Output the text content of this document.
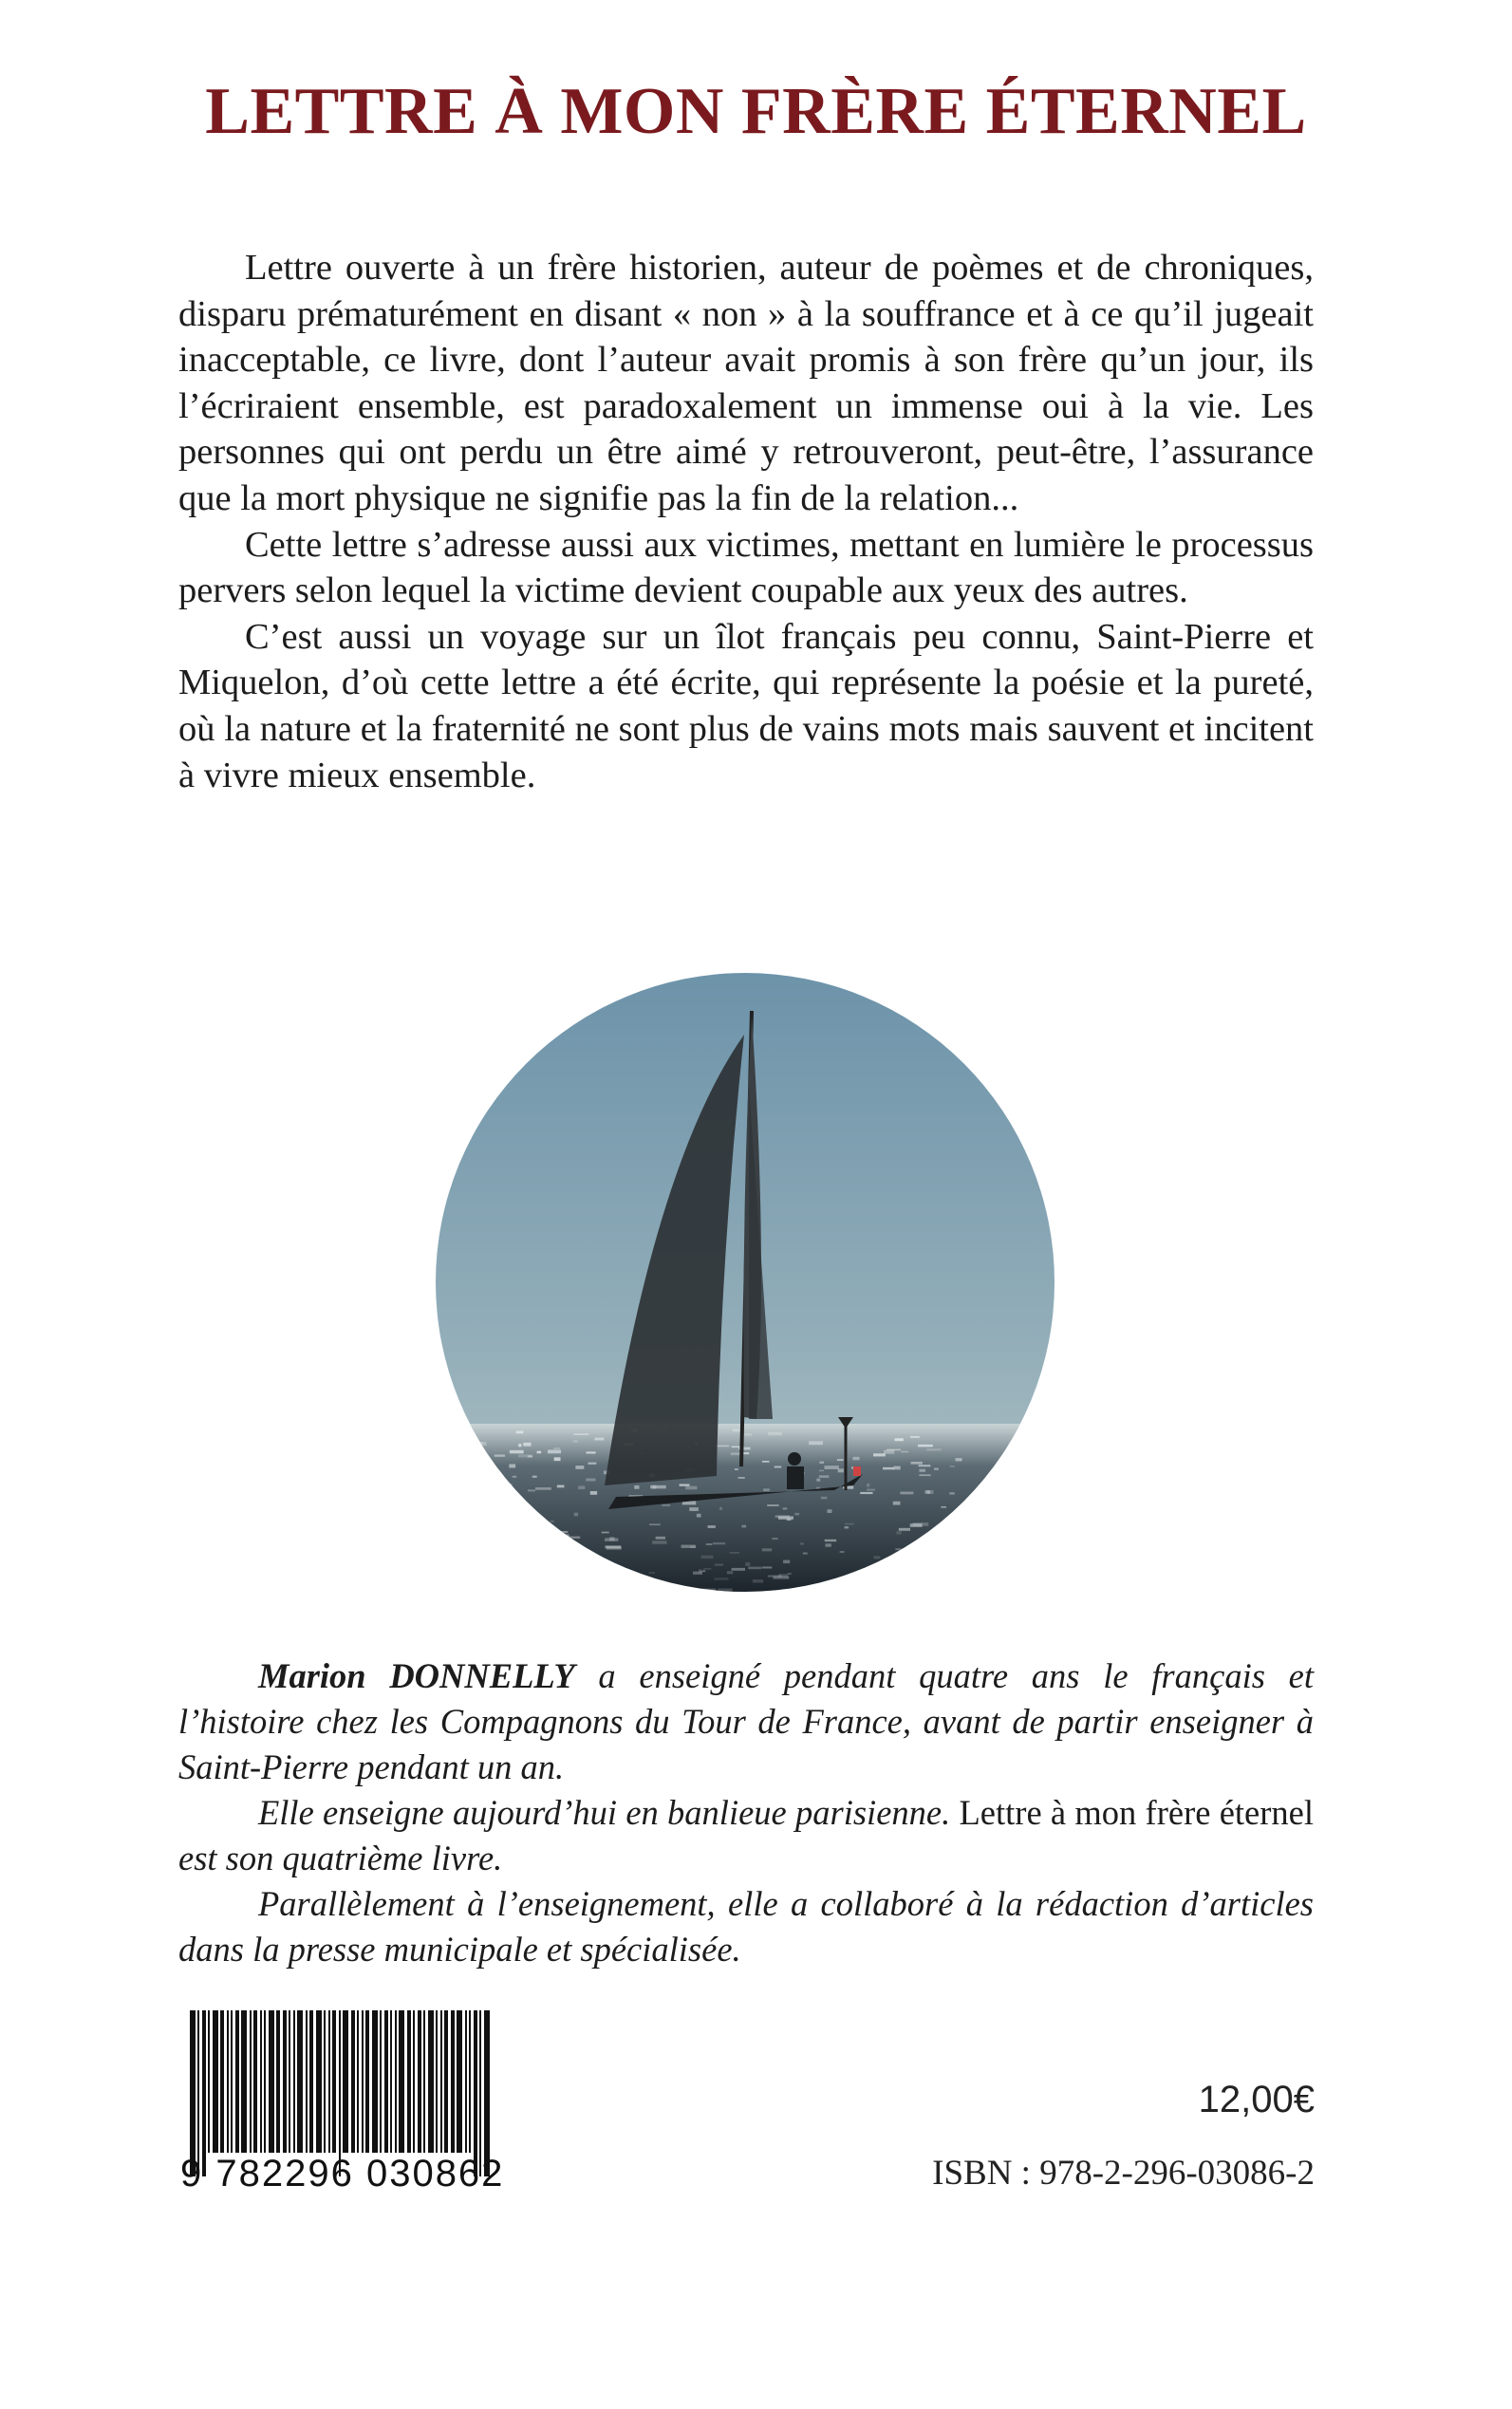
LETTRE À MON FRÈRE ÉTERNEL

Lettre ouverte à un frère historien, auteur de poèmes et de chroniques, disparu prématurément en disant « non » à la souffrance et à ce qu’il jugeait inacceptable, ce livre, dont l’auteur avait promis à son frère qu’un jour, ils l’écriraient ensemble, est paradoxalement un immense oui à la vie. Les personnes qui ont perdu un être aimé y retrouveront, peut-être, l’assurance que la mort physique ne signifie pas la fin de la relation...

Cette lettre s’adresse aussi aux victimes, mettant en lumière le processus pervers selon lequel la victime devient coupable aux yeux des autres.

C’est aussi un voyage sur un îlot français peu connu, Saint-Pierre et Miquelon, d’où cette lettre a été écrite, qui représente la poésie et la pureté, où la nature et la fraternité ne sont plus de vains mots mais sauvent et incitent à vivre mieux ensemble.

Marion DONNELLY a enseigné pendant quatre ans le français et l’histoire chez les Compagnons du Tour de France, avant de partir enseigner à Saint-Pierre pendant un an.

Elle enseigne aujourd’hui en banlieue parisienne. Lettre à mon frère éternel est son quatrième livre.

Parallèlement à l’enseignement, elle a collaboré à la rédaction d’articles dans la presse municipale et spécialisée.

9 782296 030862
12,00€
ISBN : 978-2-296-03086-2
